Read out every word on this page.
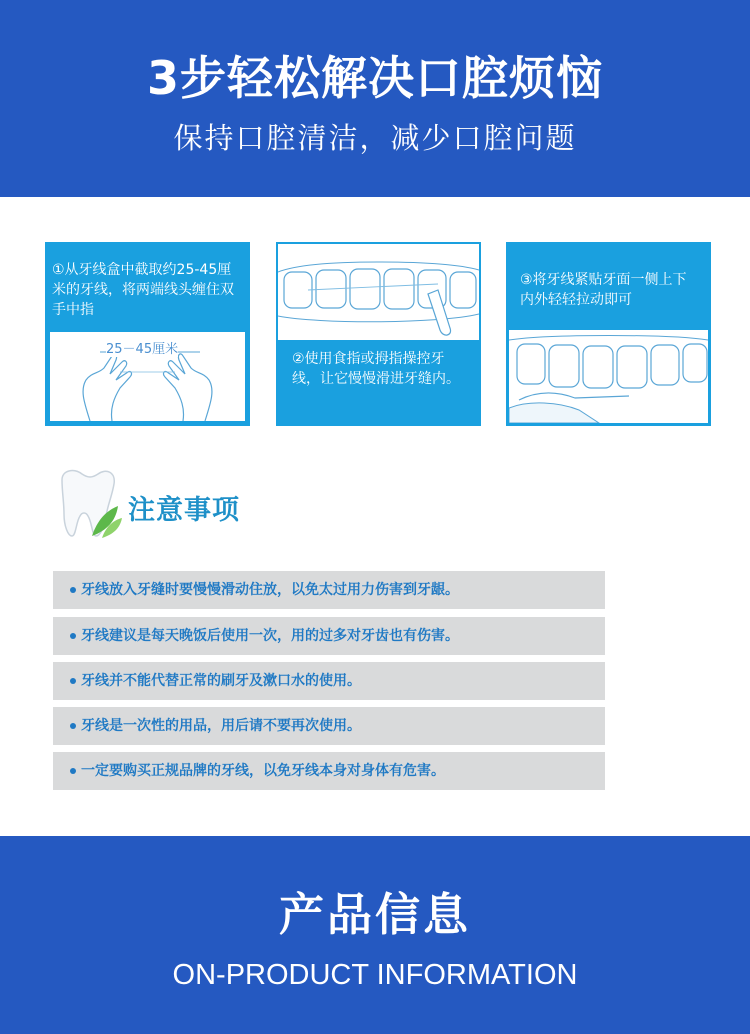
3步轻松解决口腔烦恼
保持口腔清洁，减少口腔问题
①从牙线盒中截取约25-45厘米的牙线，将两端线头缠住双手中指
25－45厘米
②使用食指或拇指操控牙线，让它慢慢滑进牙缝内。
③将牙线紧贴牙面一侧上下内外轻轻拉动即可
注意事项
牙线放入牙缝时要慢慢滑动住放，以免太过用力伤害到牙龈。
牙线建议是每天晚饭后使用一次，用的过多对牙齿也有伤害。
牙线并不能代替正常的刷牙及漱口水的使用。
牙线是一次性的用品，用后请不要再次使用。
一定要购买正规品牌的牙线，以免牙线本身对身体有危害。
产品信息
ON-PRODUCT INFORMATION
